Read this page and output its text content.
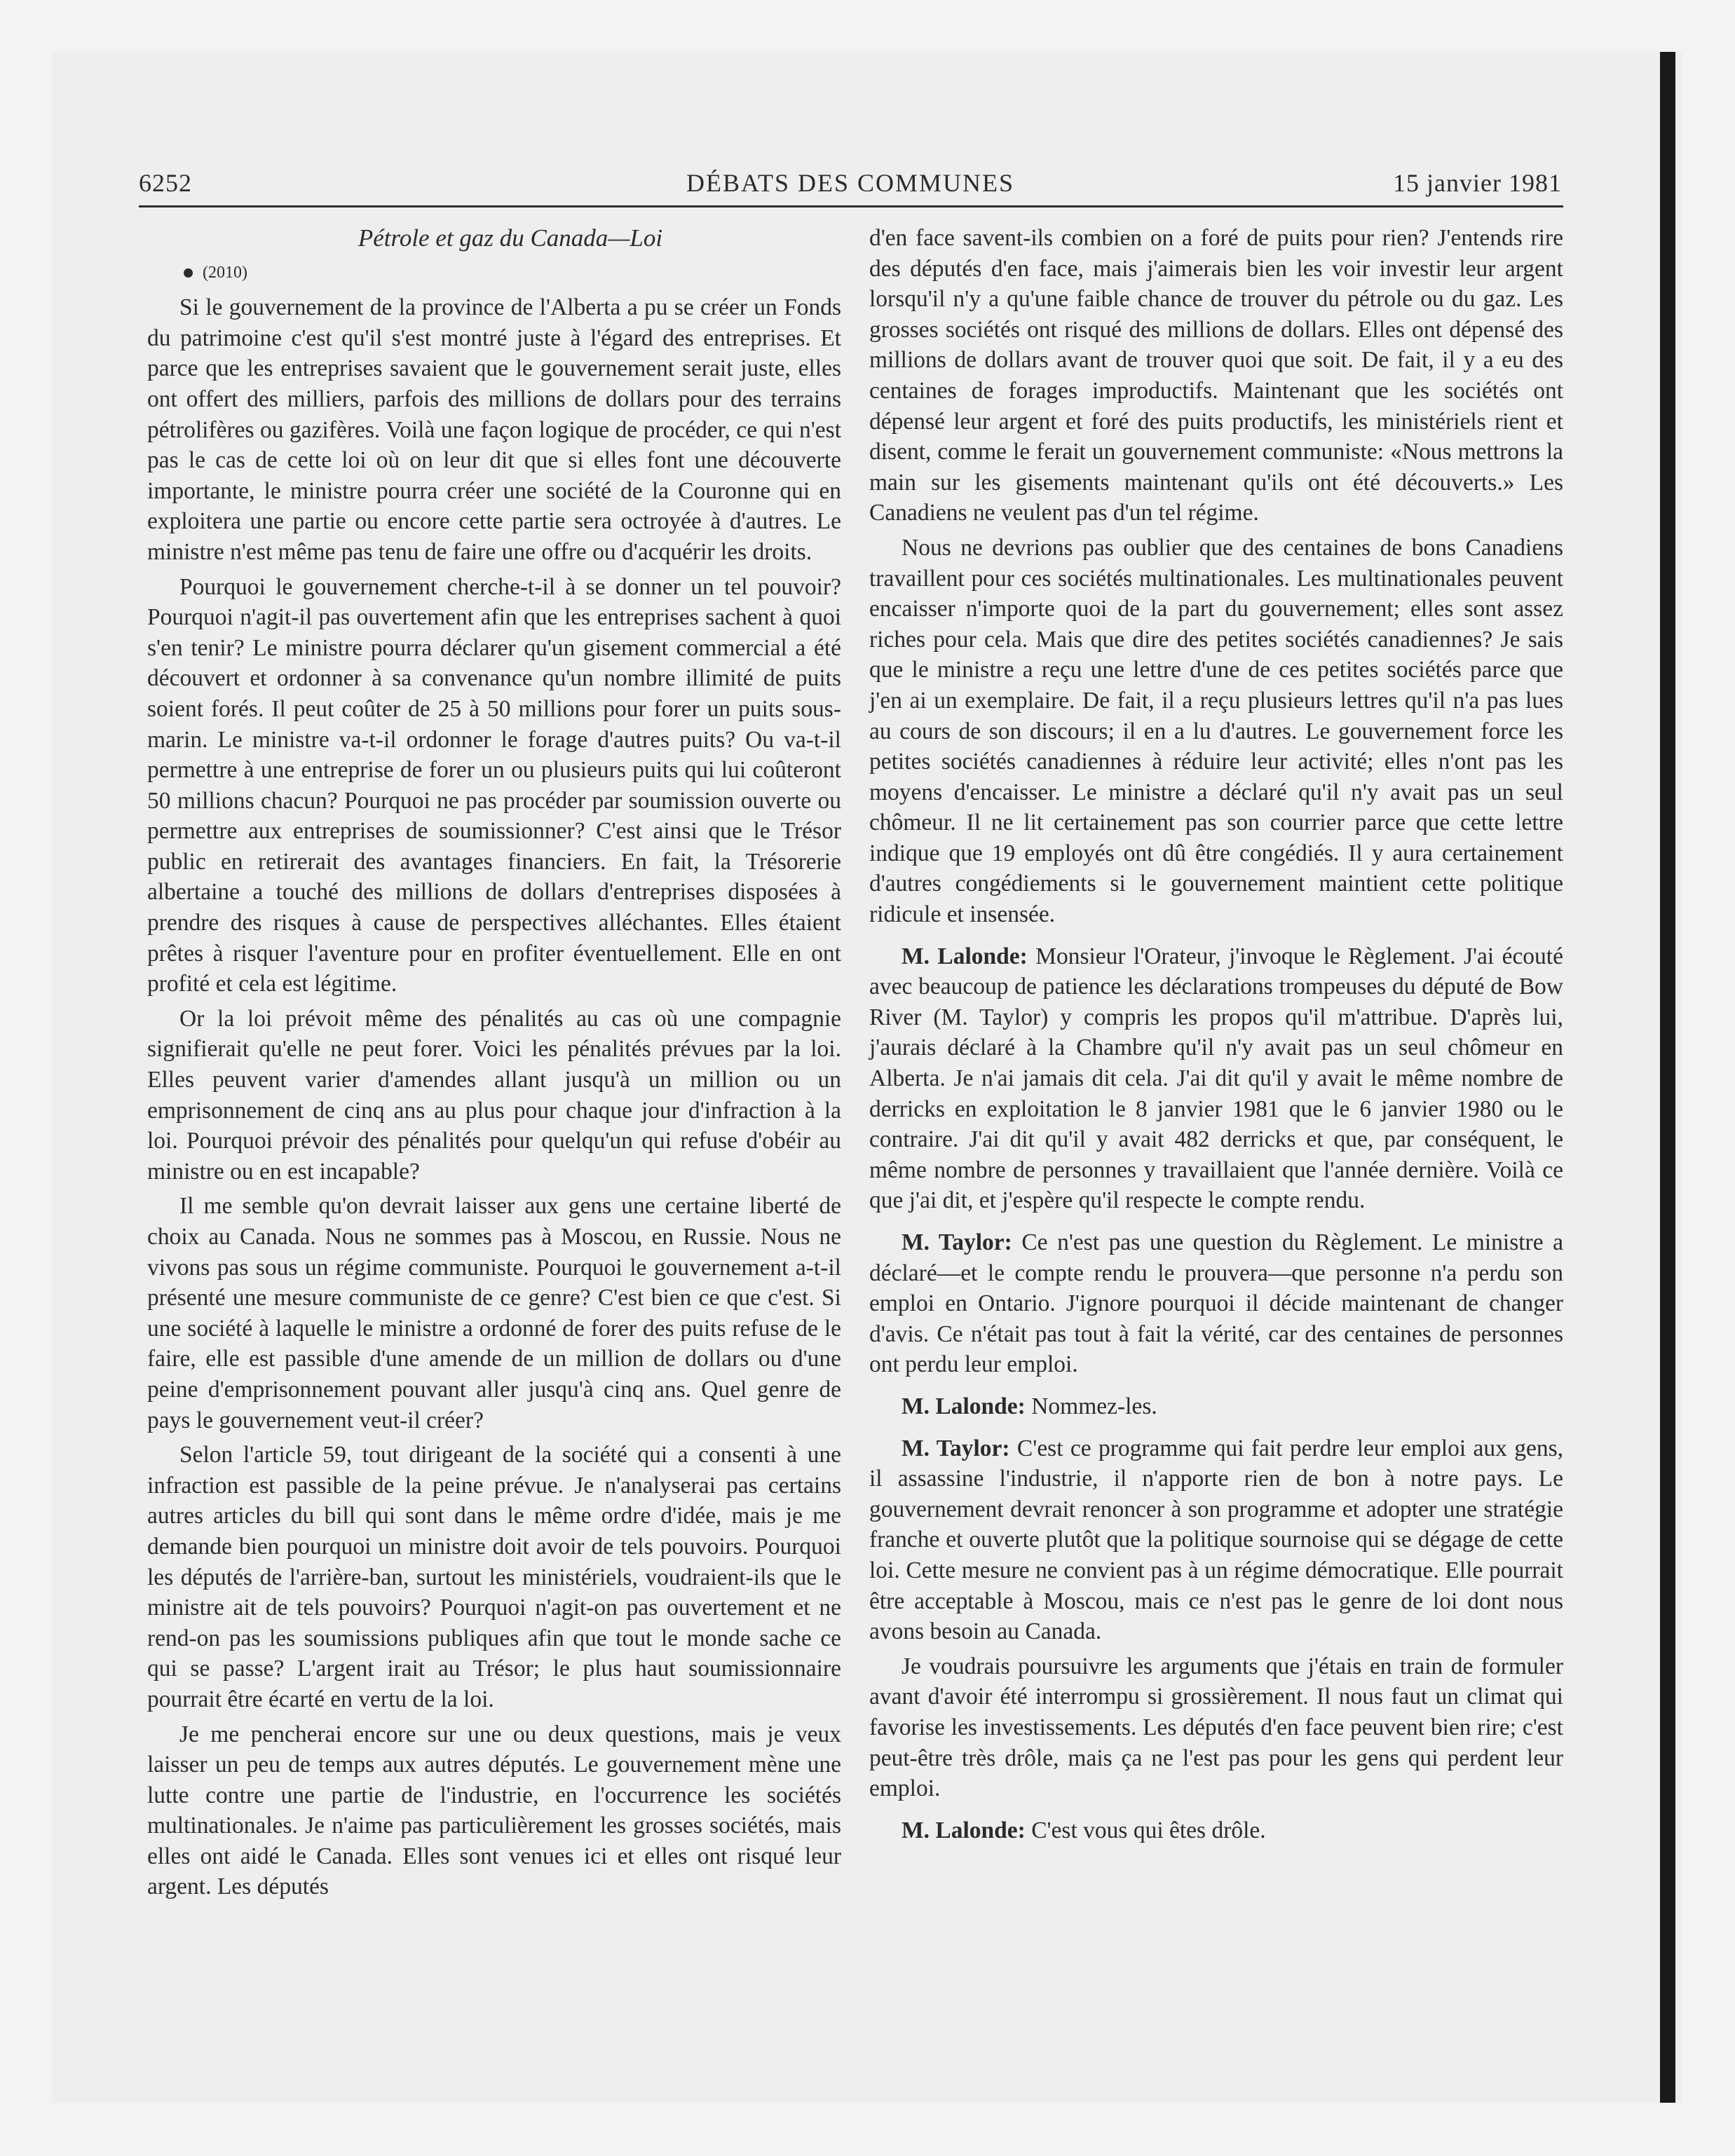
6252	DÉBATS DES COMMUNES	15 janvier 1981

Pétrole et gaz du Canada—Loi

(2010)

Si le gouvernement de la province de l'Alberta a pu se créer un Fonds du patrimoine c'est qu'il s'est montré juste à l'égard des entreprises. Et parce que les entreprises savaient que le gouvernement serait juste, elles ont offert des milliers, parfois des millions de dollars pour des terrains pétrolifères ou gazifères. Voilà une façon logique de procéder, ce qui n'est pas le cas de cette loi où on leur dit que si elles font une découverte importante, le ministre pourra créer une société de la Couronne qui en exploitera une partie ou encore cette partie sera octroyée à d'autres. Le ministre n'est même pas tenu de faire une offre ou d'acquérir les droits.

Pourquoi le gouvernement cherche-t-il à se donner un tel pouvoir? Pourquoi n'agit-il pas ouvertement afin que les entreprises sachent à quoi s'en tenir? Le ministre pourra déclarer qu'un gisement commercial a été découvert et ordonner à sa convenance qu'un nombre illimité de puits soient forés. Il peut coûter de 25 à 50 millions pour forer un puits sous-marin. Le ministre va-t-il ordonner le forage d'autres puits? Ou va-t-il permettre à une entreprise de forer un ou plusieurs puits qui lui coûteront 50 millions chacun? Pourquoi ne pas procéder par soumission ouverte ou permettre aux entreprises de soumissionner? C'est ainsi que le Trésor public en retirerait des avantages financiers. En fait, la Trésorerie albertaine a touché des millions de dollars d'entreprises disposées à prendre des risques à cause de perspectives alléchantes. Elles étaient prêtes à risquer l'aventure pour en profiter éventuellement. Elle en ont profité et cela est légitime.

Or la loi prévoit même des pénalités au cas où une compagnie signifierait qu'elle ne peut forer. Voici les pénalités prévues par la loi. Elles peuvent varier d'amendes allant jusqu'à un million ou un emprisonnement de cinq ans au plus pour chaque jour d'infraction à la loi. Pourquoi prévoir des pénalités pour quelqu'un qui refuse d'obéir au ministre ou en est incapable?

Il me semble qu'on devrait laisser aux gens une certaine liberté de choix au Canada. Nous ne sommes pas à Moscou, en Russie. Nous ne vivons pas sous un régime communiste. Pourquoi le gouvernement a-t-il présenté une mesure communiste de ce genre? C'est bien ce que c'est. Si une société à laquelle le ministre a ordonné de forer des puits refuse de le faire, elle est passible d'une amende de un million de dollars ou d'une peine d'emprisonnement pouvant aller jusqu'à cinq ans. Quel genre de pays le gouvernement veut-il créer?

Selon l'article 59, tout dirigeant de la société qui a consenti à une infraction est passible de la peine prévue. Je n'analyserai pas certains autres articles du bill qui sont dans le même ordre d'idée, mais je me demande bien pourquoi un ministre doit avoir de tels pouvoirs. Pourquoi les députés de l'arrière-ban, surtout les ministériels, voudraient-ils que le ministre ait de tels pouvoirs? Pourquoi n'agit-on pas ouvertement et ne rend-on pas les soumissions publiques afin que tout le monde sache ce qui se passe? L'argent irait au Trésor; le plus haut soumissionnaire pourrait être écarté en vertu de la loi.

Je me pencherai encore sur une ou deux questions, mais je veux laisser un peu de temps aux autres députés. Le gouvernement mène une lutte contre une partie de l'industrie, en l'occurrence les sociétés multinationales. Je n'aime pas particulièrement les grosses sociétés, mais elles ont aidé le Canada. Elles sont venues ici et elles ont risqué leur argent. Les députés

d'en face savent-ils combien on a foré de puits pour rien? J'entends rire des députés d'en face, mais j'aimerais bien les voir investir leur argent lorsqu'il n'y a qu'une faible chance de trouver du pétrole ou du gaz. Les grosses sociétés ont risqué des millions de dollars. Elles ont dépensé des millions de dollars avant de trouver quoi que soit. De fait, il y a eu des centaines de forages improductifs. Maintenant que les sociétés ont dépensé leur argent et foré des puits productifs, les ministériels rient et disent, comme le ferait un gouvernement communiste: «Nous mettrons la main sur les gisements maintenant qu'ils ont été découverts.» Les Canadiens ne veulent pas d'un tel régime.

Nous ne devrions pas oublier que des centaines de bons Canadiens travaillent pour ces sociétés multinationales. Les multinationales peuvent encaisser n'importe quoi de la part du gouvernement; elles sont assez riches pour cela. Mais que dire des petites sociétés canadiennes? Je sais que le ministre a reçu une lettre d'une de ces petites sociétés parce que j'en ai un exemplaire. De fait, il a reçu plusieurs lettres qu'il n'a pas lues au cours de son discours; il en a lu d'autres. Le gouvernement force les petites sociétés canadiennes à réduire leur activité; elles n'ont pas les moyens d'encaisser. Le ministre a déclaré qu'il n'y avait pas un seul chômeur. Il ne lit certainement pas son courrier parce que cette lettre indique que 19 employés ont dû être congédiés. Il y aura certainement d'autres congédiements si le gouvernement maintient cette politique ridicule et insensée.

M. Lalonde: Monsieur l'Orateur, j'invoque le Règlement. J'ai écouté avec beaucoup de patience les déclarations trompeuses du député de Bow River (M. Taylor) y compris les propos qu'il m'attribue. D'après lui, j'aurais déclaré à la Chambre qu'il n'y avait pas un seul chômeur en Alberta. Je n'ai jamais dit cela. J'ai dit qu'il y avait le même nombre de derricks en exploitation le 8 janvier 1981 que le 6 janvier 1980 ou le contraire. J'ai dit qu'il y avait 482 derricks et que, par conséquent, le même nombre de personnes y travaillaient que l'année dernière. Voilà ce que j'ai dit, et j'espère qu'il respecte le compte rendu.

M. Taylor: Ce n'est pas une question du Règlement. Le ministre a déclaré—et le compte rendu le prouvera—que personne n'a perdu son emploi en Ontario. J'ignore pourquoi il décide maintenant de changer d'avis. Ce n'était pas tout à fait la vérité, car des centaines de personnes ont perdu leur emploi.

M. Lalonde: Nommez-les.

M. Taylor: C'est ce programme qui fait perdre leur emploi aux gens, il assassine l'industrie, il n'apporte rien de bon à notre pays. Le gouvernement devrait renoncer à son programme et adopter une stratégie franche et ouverte plutôt que la politique sournoise qui se dégage de cette loi. Cette mesure ne convient pas à un régime démocratique. Elle pourrait être acceptable à Moscou, mais ce n'est pas le genre de loi dont nous avons besoin au Canada.

Je voudrais poursuivre les arguments que j'étais en train de formuler avant d'avoir été interrompu si grossièrement. Il nous faut un climat qui favorise les investissements. Les députés d'en face peuvent bien rire; c'est peut-être très drôle, mais ça ne l'est pas pour les gens qui perdent leur emploi.

M. Lalonde: C'est vous qui êtes drôle.
